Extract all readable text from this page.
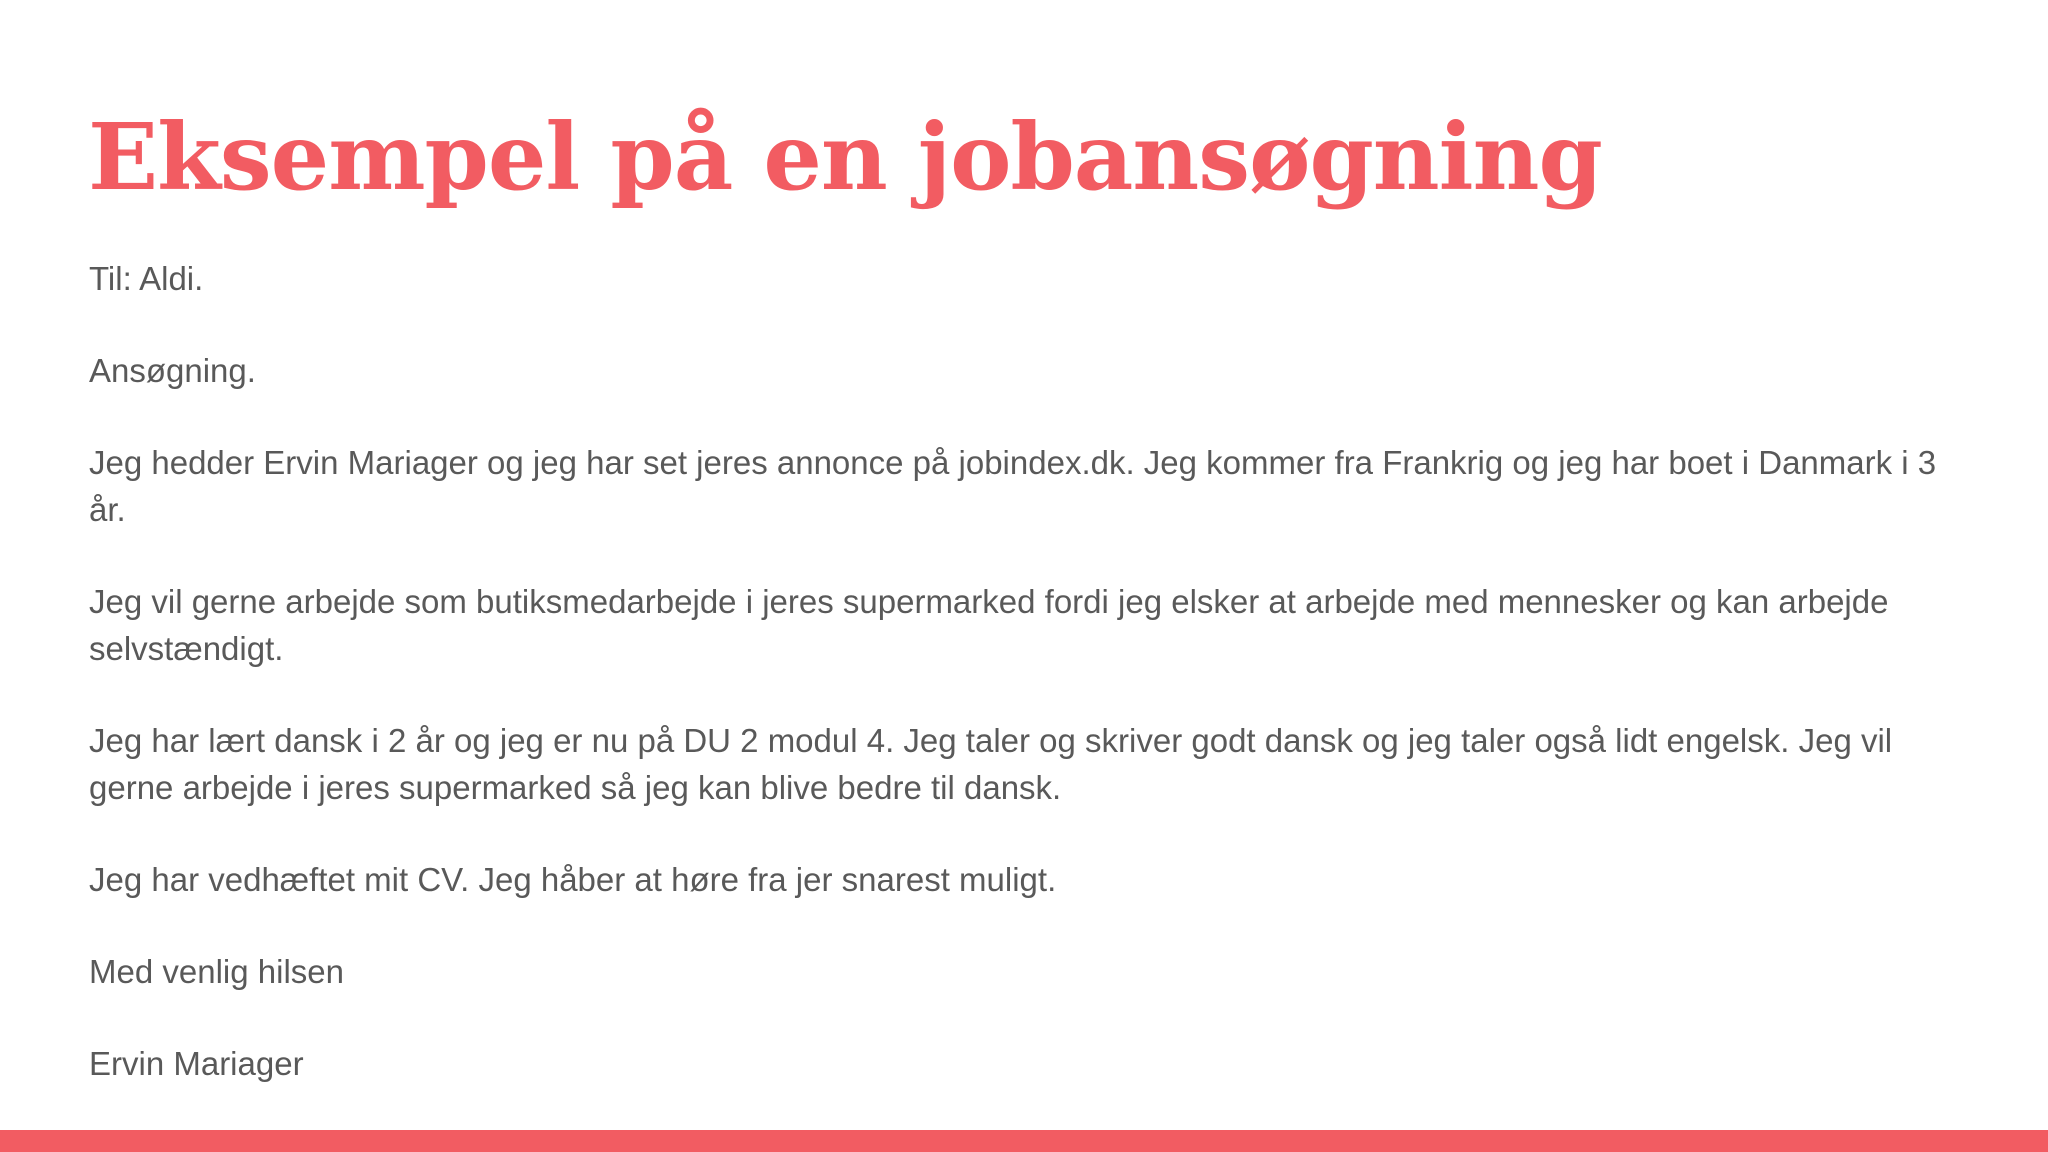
Eksempel på en jobansøgning

Til: Aldi.

Ansøgning.

Jeg hedder Ervin Mariager og jeg har set jeres annonce på jobindex.dk. Jeg kommer fra Frankrig og jeg har boet i Danmark i 3 år.

Jeg vil gerne arbejde som butiksmedarbejde i jeres supermarked fordi jeg elsker at arbejde med mennesker og kan arbejde selvstændigt.

Jeg har lært dansk i 2 år og jeg er nu på DU 2 modul 4. Jeg taler og skriver godt dansk og jeg taler også lidt engelsk. Jeg vil gerne arbejde i jeres supermarked så jeg kan blive bedre til dansk.

Jeg har vedhæftet mit CV. Jeg håber at høre fra jer snarest muligt.

Med venlig hilsen

Ervin Mariager
